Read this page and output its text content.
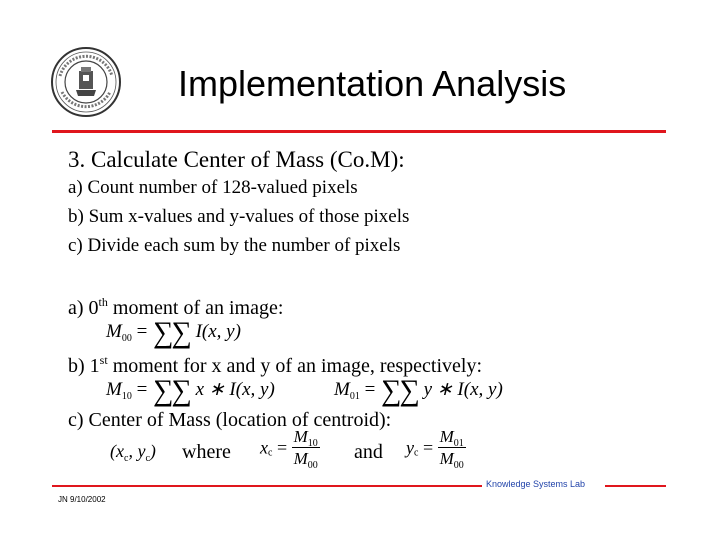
Implementation Analysis
3. Calculate Center of Mass (Co.M):
a) Count number of 128-valued pixels
b) Sum x-values and y-values of those pixels
c) Divide each sum by the number of pixels
a) 0th moment of an image:
$M_{00}$ = ∑∑ I(x, y)
b) 1st moment for x and y of an image, respectively:
$M_{10}$ = ∑∑ x ∗ I(x, y)	$M_{01}$ = ∑∑ y ∗ I(x, y)
c) Center of Mass (location of centroid):
($x_c$, $y_c$) where $x_c = \frac{M_{10}}{M_{00}}$ and $y_c = \frac{M_{01}}{M_{00}}$
Knowledge Systems Lab
JN 9/10/2002
